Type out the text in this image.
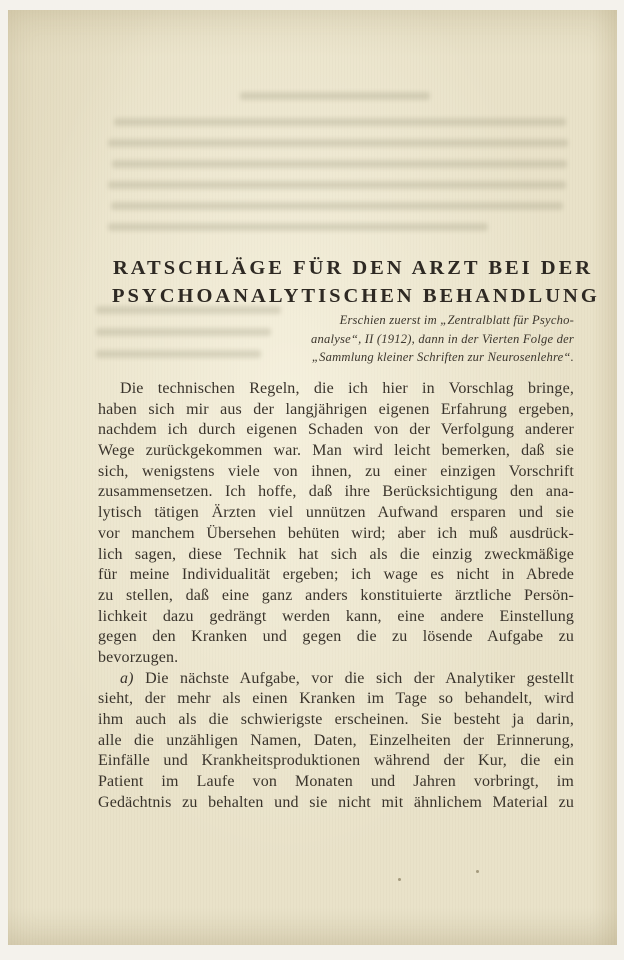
RATSCHLÄGE FÜR DEN ARZT BEI DER
PSYCHOANALYTISCHEN BEHANDLUNG
Erschien zuerst im „Zentralblatt für Psycho-
analyse“, II (1912), dann in der Vierten Folge der
„Sammlung kleiner Schriften zur Neurosenlehre“.
Die technischen Regeln, die ich hier in Vorschlag bringe,
haben sich mir aus der langjährigen eigenen Erfahrung ergeben,
nachdem ich durch eigenen Schaden von der Verfolgung anderer
Wege zurückgekommen war. Man wird leicht bemerken, daß sie
sich, wenigstens viele von ihnen, zu einer einzigen Vorschrift
zusammensetzen. Ich hoffe, daß ihre Berücksichtigung den ana-
lytisch tätigen Ärzten viel unnützen Aufwand ersparen und sie
vor manchem Übersehen behüten wird; aber ich muß ausdrück-
lich sagen, diese Technik hat sich als die einzig zweckmäßige
für meine Individualität ergeben; ich wage es nicht in Abrede
zu stellen, daß eine ganz anders konstituierte ärztliche Persön-
lichkeit dazu gedrängt werden kann, eine andere Einstellung
gegen den Kranken und gegen die zu lösende Aufgabe zu
bevorzugen.
a) Die nächste Aufgabe, vor die sich der Analytiker gestellt
sieht, der mehr als einen Kranken im Tage so behandelt, wird
ihm auch als die schwierigste erscheinen. Sie besteht ja darin,
alle die unzähligen Namen, Daten, Einzelheiten der Erinnerung,
Einfälle und Krankheitsproduktionen während der Kur, die ein
Patient im Laufe von Monaten und Jahren vorbringt, im
Gedächtnis zu behalten und sie nicht mit ähnlichem Material zu
